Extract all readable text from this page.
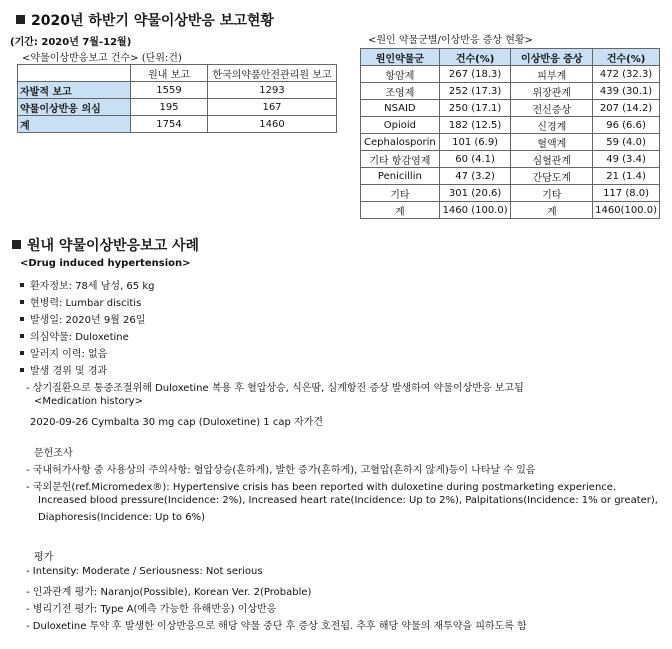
2020년 하반기 약물이상반응 보고현황
(기간: 2020년 7월-12월)
<약물이상반응보고 건수> (단위:건)
<원인 약물군별/이상반응 증상 현황>
	원내 보고	한국의약품안전관리원 보고
자발적 보고	1559	1293
약물이상반응 의심	195	167
계	1754	1460
원인약물군	건수(%)	이상반응 증상	건수(%)
항암제	267 (18.3)	피부계	472 (32.3)
조영제	252 (17.3)	위장관계	439 (30.1)
NSAID	250 (17.1)	전신증상	207 (14.2)
Opioid	182 (12.5)	신경계	96 (6.6)
Cephalosporin	101 (6.9)	혈액계	59 (4.0)
기타 항감염제	60 (4.1)	심혈관계	49 (3.4)
Penicillin	47 (3.2)	간담도계	21 (1.4)
기타	301 (20.6)	기타	117 (8.0)
계	1460 (100.0)	계	1460(100.0)
원내 약물이상반응보고 사례
<Drug induced hypertension>
환자정보: 78세 남성, 65 kg
현병력: Lumbar discitis
발생일: 2020년 9월 26일
의심약물: Duloxetine
알러지 이력: 없음
발생 경위 및 경과
- 상기질환으로 통증조절위해 Duloxetine 복용 후 혈압상승, 식은땀, 심계항진 증상 발생하여 약물이상반응 보고됨
<Medication history>
2020-09-26 Cymbalta 30 mg cap (Duloxetine) 1 cap 자가견
문헌조사
- 국내허가사항 중 사용상의 주의사항: 혈압상승(흔하게), 발한 증가(흔하게), 고혈압(흔하지 않게)등이 나타날 수 있음
- 국외문헌(ref.Micromedex®): Hypertensive crisis has been reported with duloxetine during postmarketing experience.
Increased blood pressure(Incidence: 2%), Increased heart rate(Incidence: Up to 2%), Palpitations(Incidence: 1% or greater),
Diaphoresis(Incidence: Up to 6%)
평가
- Intensity: Moderate / Seriousness: Not serious
- 인과관계 평가: Naranjo(Possible), Korean Ver. 2(Probable)
- 병리기전 평가: Type A(예측 가능한 유해반응) 이상반응
- Duloxetine 투약 후 발생한 이상반응으로 해당 약물 중단 후 증상 호전됨. 추후 해당 약물의 재투약을 피하도록 함
